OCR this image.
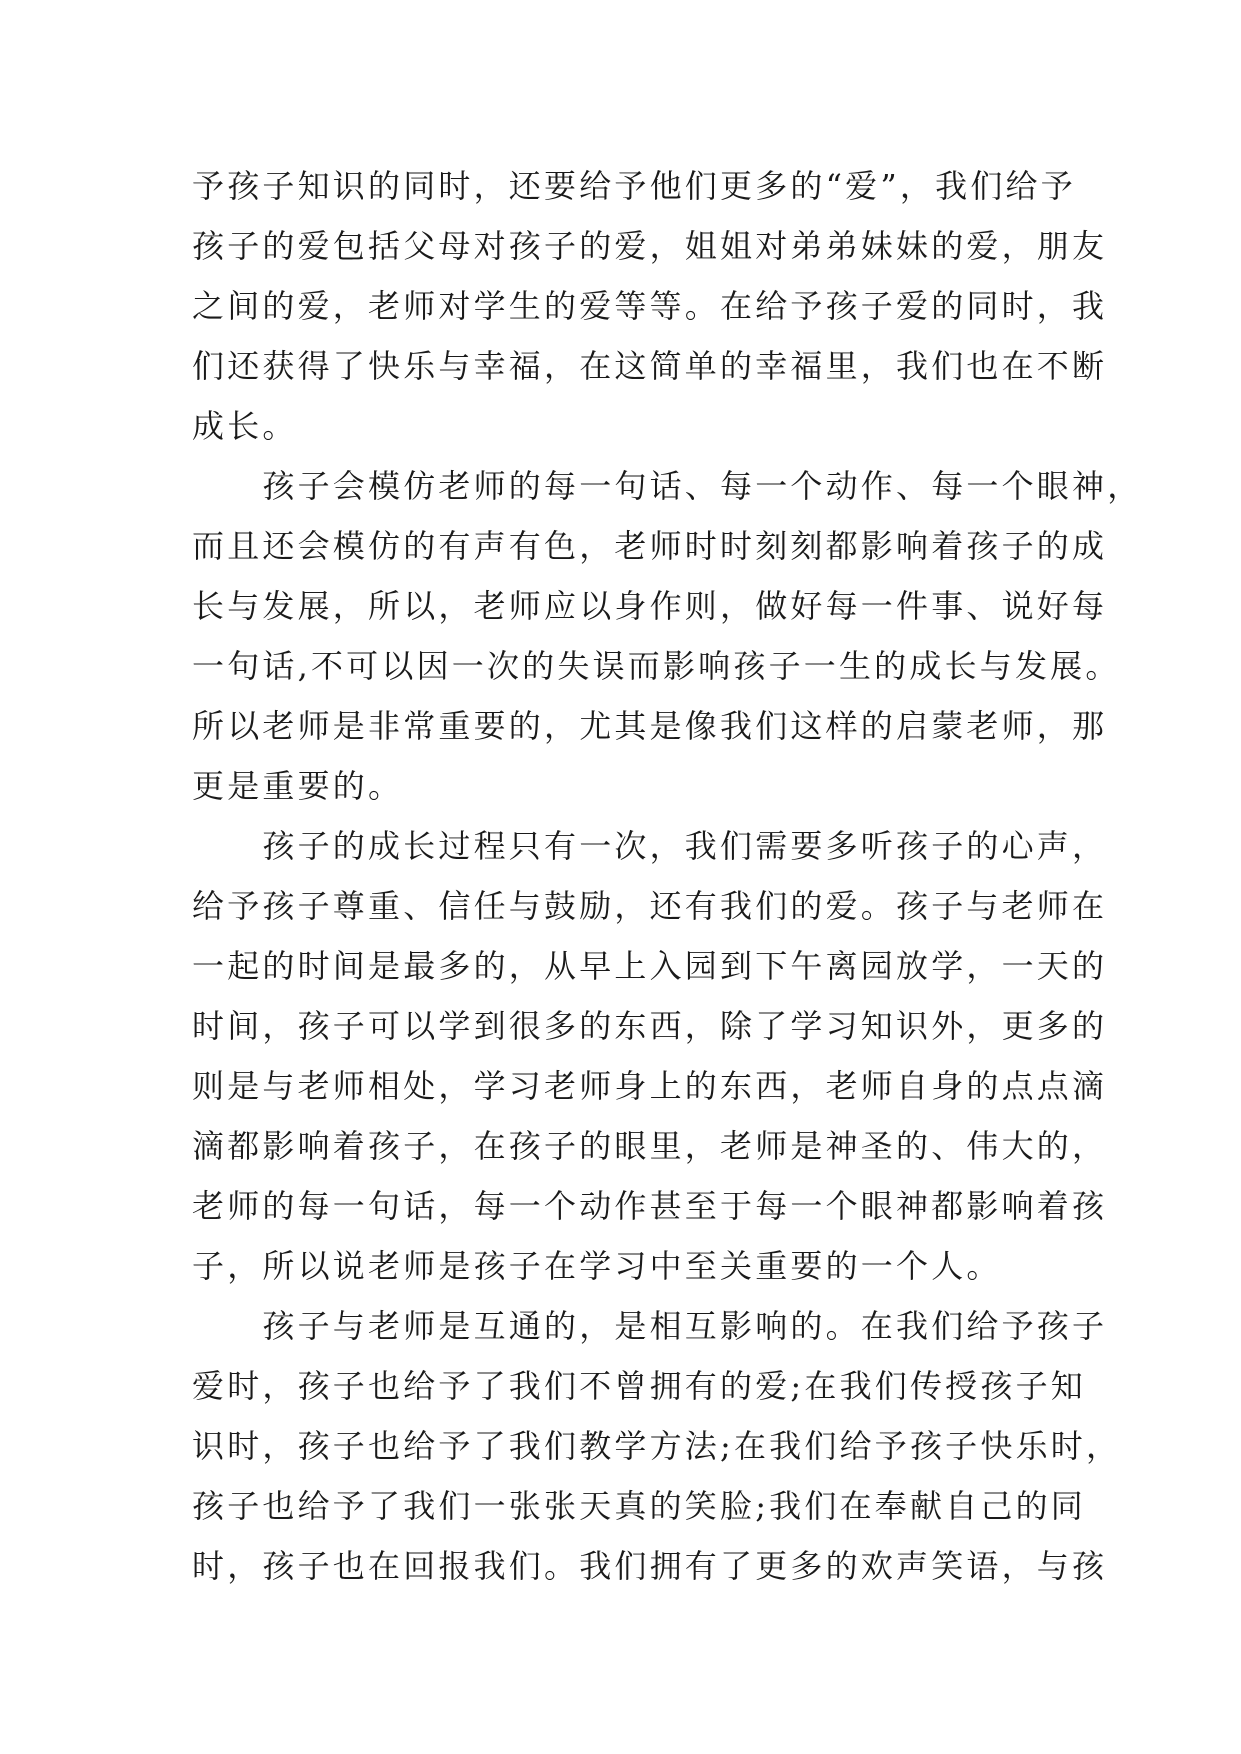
予孩子知识的同时，还要给予他们更多的“爱”，我们给予
孩子的爱包括父母对孩子的爱，姐姐对弟弟妹妹的爱，朋友
之间的爱，老师对学生的爱等等。在给予孩子爱的同时，我
们还获得了快乐与幸福，在这简单的幸福里，我们也在不断
成长。
　　孩子会模仿老师的每一句话、每一个动作、每一个眼神，
而且还会模仿的有声有色，老师时时刻刻都影响着孩子的成
长与发展，所以，老师应以身作则，做好每一件事、说好每
一句话,不可以因一次的失误而影响孩子一生的成长与发展。
所以老师是非常重要的，尤其是像我们这样的启蒙老师，那
更是重要的。
　　孩子的成长过程只有一次，我们需要多听孩子的心声，
给予孩子尊重、信任与鼓励，还有我们的爱。孩子与老师在
一起的时间是最多的，从早上入园到下午离园放学，一天的
时间，孩子可以学到很多的东西，除了学习知识外，更多的
则是与老师相处，学习老师身上的东西，老师自身的点点滴
滴都影响着孩子，在孩子的眼里，老师是神圣的、伟大的，
老师的每一句话，每一个动作甚至于每一个眼神都影响着孩
子，所以说老师是孩子在学习中至关重要的一个人。
　　孩子与老师是互通的，是相互影响的。在我们给予孩子
爱时，孩子也给予了我们不曾拥有的爱;在我们传授孩子知
识时，孩子也给予了我们教学方法;在我们给予孩子快乐时，
孩子也给予了我们一张张天真的笑脸;我们在奉献自己的同
时，孩子也在回报我们。我们拥有了更多的欢声笑语，与孩
